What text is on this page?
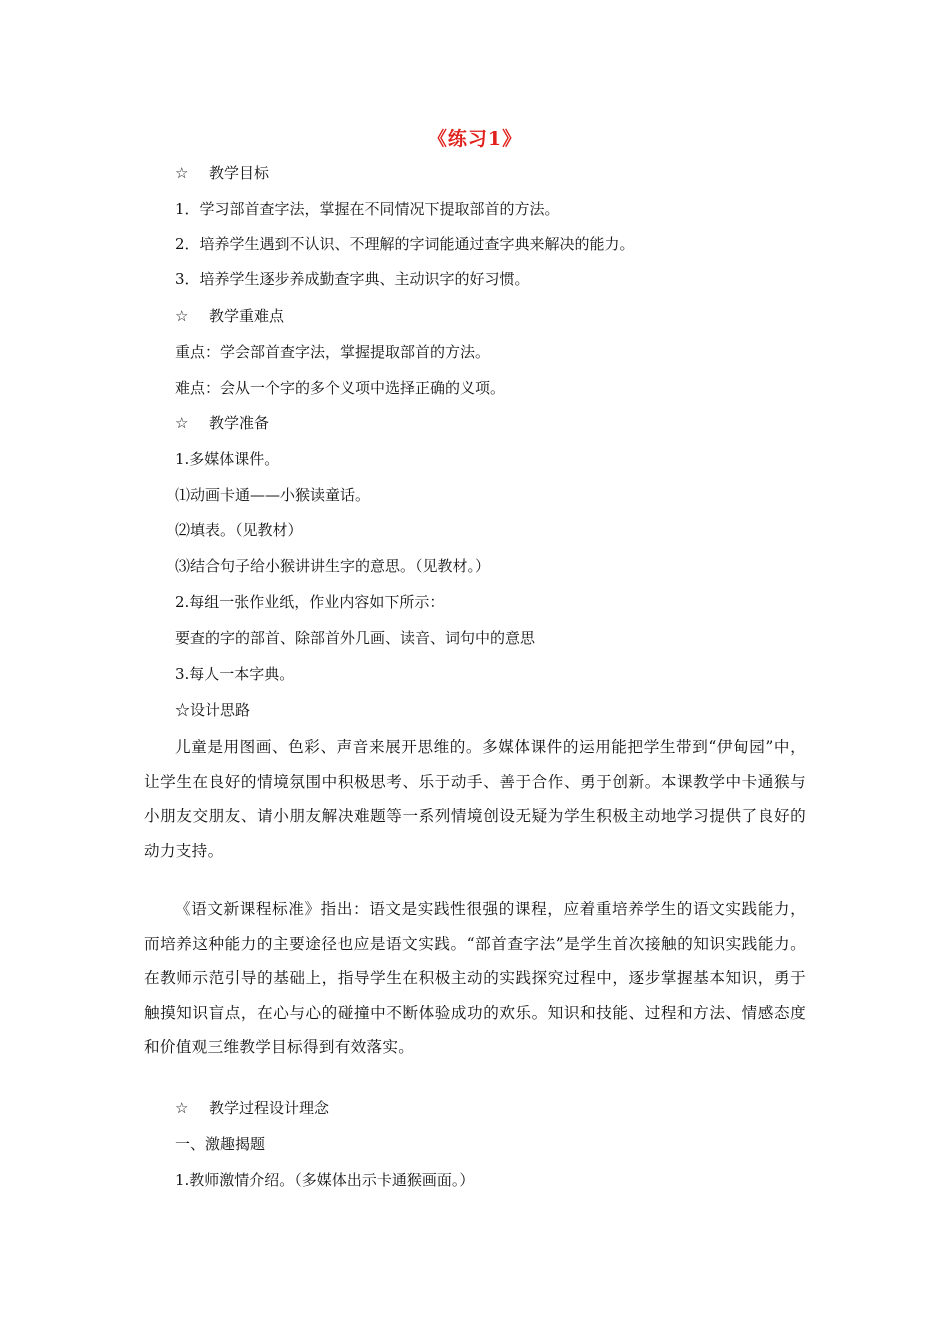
《练习1》
☆ 教学目标
1．学习部首查字法，掌握在不同情况下提取部首的方法。
2．培养学生遇到不认识、不理解的字词能通过查字典来解决的能力。
3．培养学生逐步养成勤查字典、主动识字的好习惯。
☆ 教学重难点
重点：学会部首查字法，掌握提取部首的方法。
难点：会从一个字的多个义项中选择正确的义项。
☆ 教学准备
1.多媒体课件。
⑴动画卡通——小猴读童话。
⑵填表。（见教材）
⑶结合句子给小猴讲讲生字的意思。（见教材。）
2.每组一张作业纸，作业内容如下所示：
要查的字的部首、除部首外几画、读音、词句中的意思
3.每人一本字典。
☆设计思路
儿童是用图画、色彩、声音来展开思维的。多媒体课件的运用能把学生带到“伊甸园”中，让学生在良好的情境氛围中积极思考、乐于动手、善于合作、勇于创新。本课教学中卡通猴与小朋友交朋友、请小朋友解决难题等一系列情境创设无疑为学生积极主动地学习提供了良好的动力支持。
《语文新课程标准》指出：语文是实践性很强的课程，应着重培养学生的语文实践能力，而培养这种能力的主要途径也应是语文实践。“部首查字法”是学生首次接触的知识实践能力。在教师示范引导的基础上，指导学生在积极主动的实践探究过程中，逐步掌握基本知识，勇于触摸知识盲点，在心与心的碰撞中不断体验成功的欢乐。知识和技能、过程和方法、情感态度和价值观三维教学目标得到有效落实。
☆ 教学过程设计理念
一、激趣揭题
1.教师激情介绍。（多媒体出示卡通猴画面。）
